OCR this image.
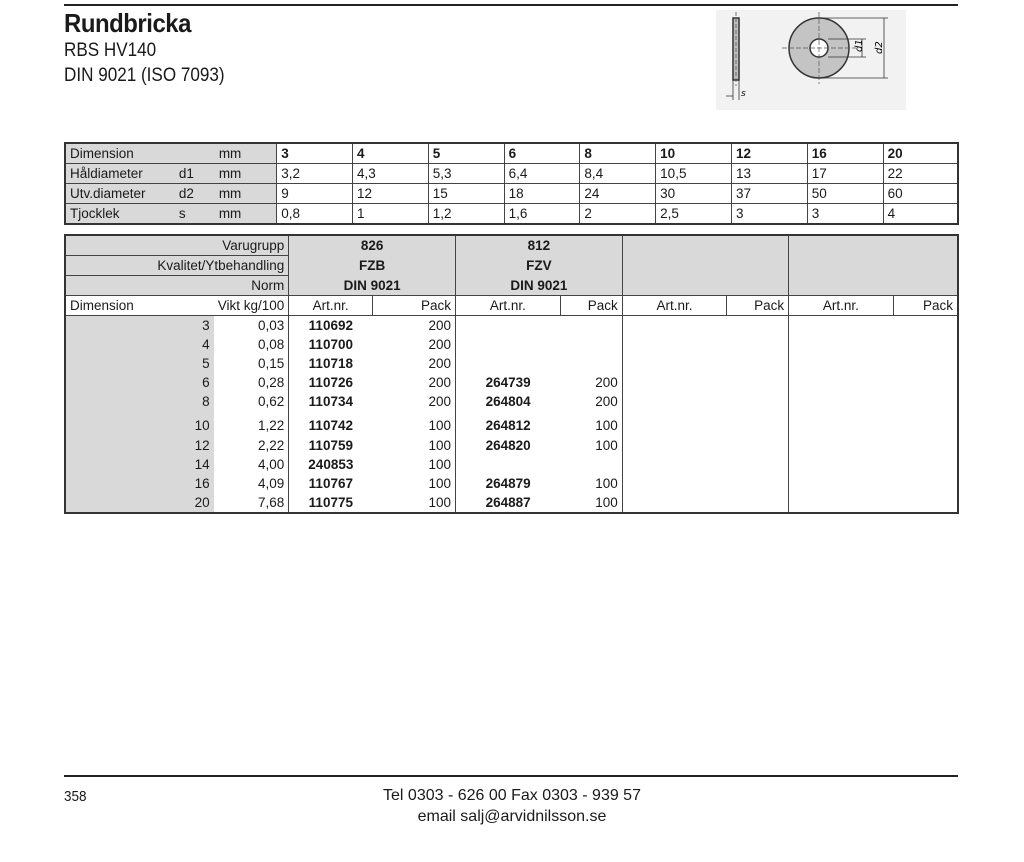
Rundbricka
RBS HV140
DIN 9021 (ISO 7093)
s
d1 d2
Dimension		mm	3	4	5	6	8	10	12	16	20
Håldiameter	d1	mm	3,2	4,3	5,3	6,4	8,4	10,5	13	17	22
Utv.diameter	d2	mm	9	12	15	18	24	30	37	50	60
Tjocklek	s	mm	0,8	1	1,2	1,6	2	2,5	3	3	4
Varugrupp		826		812					
Kvalitet/Ytbehandling		FZB		FZV					
Norm		DIN 9021		DIN 9021					
Dimension	Vikt kg/100	Art.nr.	Pack	Art.nr.	Pack	Art.nr.	Pack	Art.nr.	Pack
3	0,03	110692	200						
4	0,08	110700	200						
5	0,15	110718	200						
6	0,28	110726	200	264739	200				
8	0,62	110734	200	264804	200				
10	1,22	110742	100	264812	100				
12	2,22	110759	100	264820	100				
14	4,00	240853	100						
16	4,09	110767	100	264879	100				
20	7,68	110775	100	264887	100				
358	Tel 0303 - 626 00 Fax 0303 - 939 57
email salj@arvidnilsson.se
